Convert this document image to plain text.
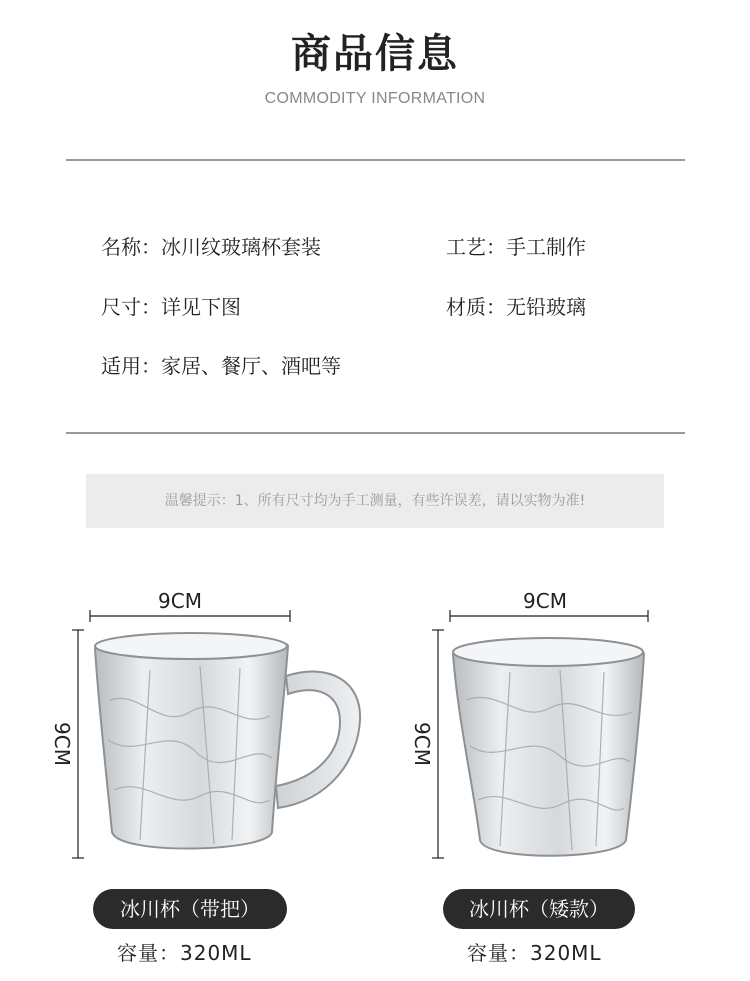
商品信息
COMMODITY INFORMATION
名称：冰川纹玻璃杯套装	工艺：手工制作
尺寸：详见下图	材质：无铅玻璃
适用：家居、餐厅、酒吧等
温馨提示：1、所有尺寸均为手工测量，有些许误差，请以实物为准!
9CM
9CM
9CM
9CM
冰川杯（带把）
容量：320ML
冰川杯（矮款）
容量：320ML
